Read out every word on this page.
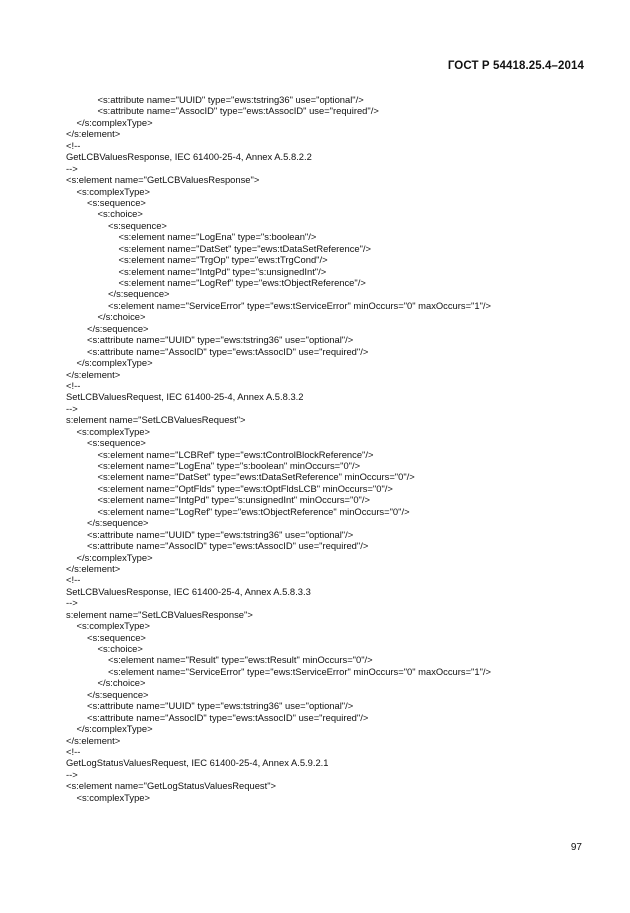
ГОСТ Р 54418.25.4–2014
<s:attribute name="UUID" type="ews:tstring36" use="optional"/>
<s:attribute name="AssocID" type="ews:tAssocID" use="required"/>
</s:complexType>
</s:element>
<!--
GetLCBValuesResponse, IEC 61400-25-4, Annex A.5.8.2.2
-->
<s:element name="GetLCBValuesResponse">
<s:complexType>
<s:sequence>
<s:choice>
<s:sequence>
<s:element name="LogEna" type="s:boolean"/>
<s:element name="DatSet" type="ews:tDataSetReference"/>
<s:element name="TrgOp" type="ews:tTrgCond"/>
<s:element name="IntgPd" type="s:unsignedInt"/>
<s:element name="LogRef" type="ews:tObjectReference"/>
</s:sequence>
<s:element name="ServiceError" type="ews:tServiceError" minOccurs="0" maxOccurs="1"/>
</s:choice>
</s:sequence>
<s:attribute name="UUID" type="ews:tstring36" use="optional"/>
<s:attribute name="AssocID" type="ews:tAssocID" use="required"/>
</s:complexType>
</s:element>
<!--
SetLCBValuesRequest, IEC 61400-25-4, Annex A.5.8.3.2
-->
s:element name="SetLCBValuesRequest">
<s:complexType>
<s:sequence>
<s:element name="LCBRef" type="ews:tControlBlockReference"/>
<s:element name="LogEna" type="s:boolean" minOccurs="0"/>
<s:element name="DatSet" type="ews:tDataSetReference" minOccurs="0"/>
<s:element name="OptFlds" type="ews:tOptFldsLCB" minOccurs="0"/>
<s:element name="IntgPd" type="s:unsignedInt" minOccurs="0"/>
<s:element name="LogRef" type="ews:tObjectReference" minOccurs="0"/>
</s:sequence>
<s:attribute name="UUID" type="ews:tstring36" use="optional"/>
<s:attribute name="AssocID" type="ews:tAssocID" use="required"/>
</s:complexType>
</s:element>
<!--
SetLCBValuesResponse, IEC 61400-25-4, Annex A.5.8.3.3
-->
s:element name="SetLCBValuesResponse">
<s:complexType>
<s:sequence>
<s:choice>
<s:element name="Result" type="ews:tResult" minOccurs="0"/>
<s:element name="ServiceError" type="ews:tServiceError" minOccurs="0" maxOccurs="1"/>
</s:choice>
</s:sequence>
<s:attribute name="UUID" type="ews:tstring36" use="optional"/>
<s:attribute name="AssocID" type="ews:tAssocID" use="required"/>
</s:complexType>
</s:element>
<!--
GetLogStatusValuesRequest, IEC 61400-25-4, Annex A.5.9.2.1
-->
<s:element name="GetLogStatusValuesRequest">
<s:complexType>
97
